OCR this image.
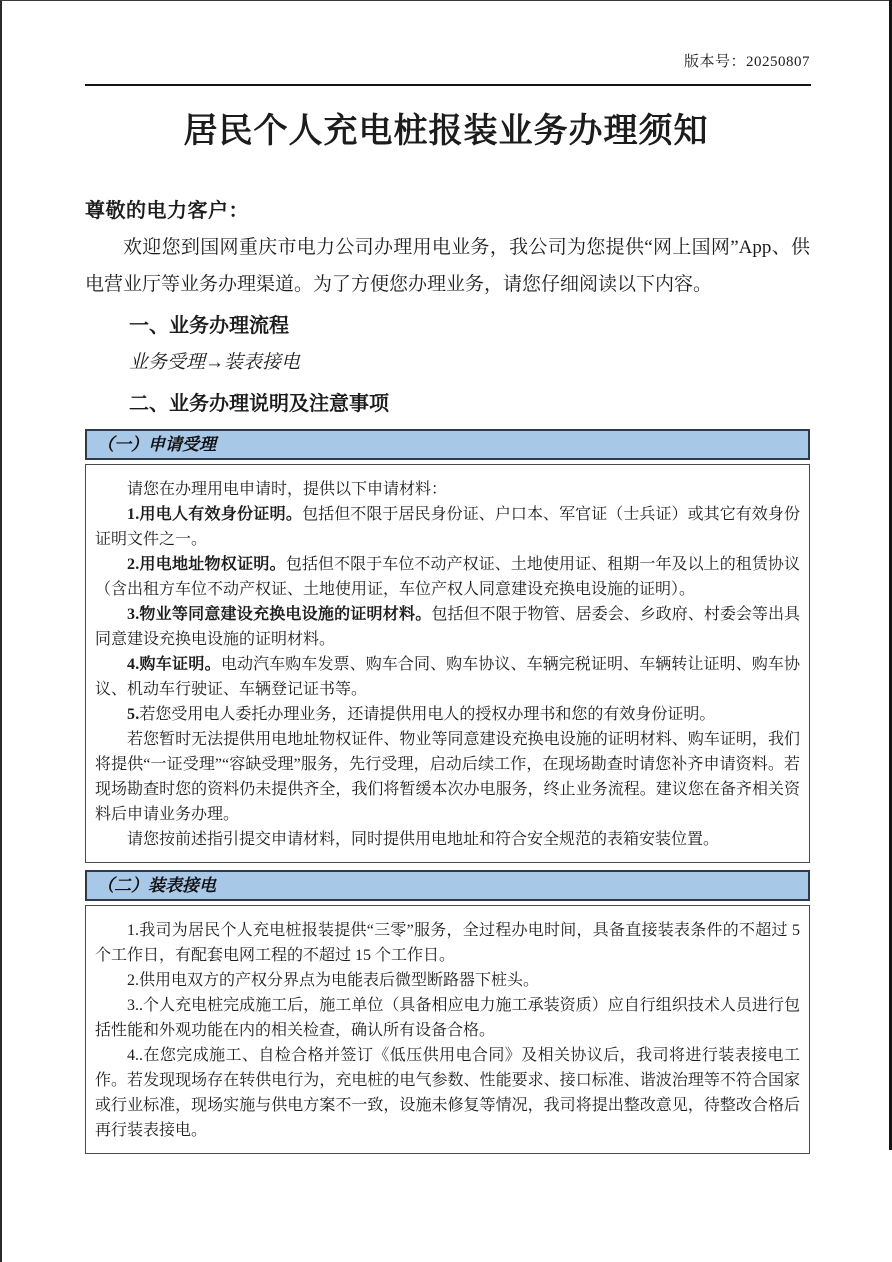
版本号：20250807
居民个人充电桩报装业务办理须知
尊敬的电力客户：

欢迎您到国网重庆市电力公司办理用电业务，我公司为您提供“网上国网”App、供电营业厅等业务办理渠道。为了方便您办理业务，请您仔细阅读以下内容。

一、业务办理流程
业务受理→装表接电
二、业务办理说明及注意事项
（一）申请受理

请您在办理用电申请时，提供以下申请材料：

1.用电人有效身份证明。包括但不限于居民身份证、户口本、军官证（士兵证）或其它有效身份证明文件之一。

2.用电地址物权证明。包括但不限于车位不动产权证、土地使用证、租期一年及以上的租赁协议（含出租方车位不动产权证、土地使用证，车位产权人同意建设充换电设施的证明）。

3.物业等同意建设充换电设施的证明材料。包括但不限于物管、居委会、乡政府、村委会等出具同意建设充换电设施的证明材料。

4.购车证明。电动汽车购车发票、购车合同、购车协议、车辆完税证明、车辆转让证明、购车协议、机动车行驶证、车辆登记证书等。

5.若您受用电人委托办理业务，还请提供用电人的授权办理书和您的有效身份证明。

若您暂时无法提供用电地址物权证件、物业等同意建设充换电设施的证明材料、购车证明，我们将提供“一证受理”“容缺受理”服务，先行受理，启动后续工作，在现场勘查时请您补齐申请资料。若现场勘查时您的资料仍未提供齐全，我们将暂缓本次办电服务，终止业务流程。建议您在备齐相关资料后申请业务办理。

请您按前述指引提交申请材料，同时提供用电地址和符合安全规范的表箱安装位置。

（二）装表接电

1.我司为居民个人充电桩报装提供“三零”服务，全过程办电时间，具备直接装表条件的不超过 5 个工作日，有配套电网工程的不超过 15 个工作日。

2.供用电双方的产权分界点为电能表后微型断路器下桩头。

3..个人充电桩完成施工后，施工单位（具备相应电力施工承装资质）应自行组织技术人员进行包括性能和外观功能在内的相关检查，确认所有设备合格。

4..在您完成施工、自检合格并签订《低压供用电合同》及相关协议后，我司将进行装表接电工作。若发现现场存在转供电行为，充电桩的电气参数、性能要求、接口标准、谐波治理等不符合国家或行业标准，现场实施与供电方案不一致，设施未修复等情况，我司将提出整改意见，待整改合格后再行装表接电。
